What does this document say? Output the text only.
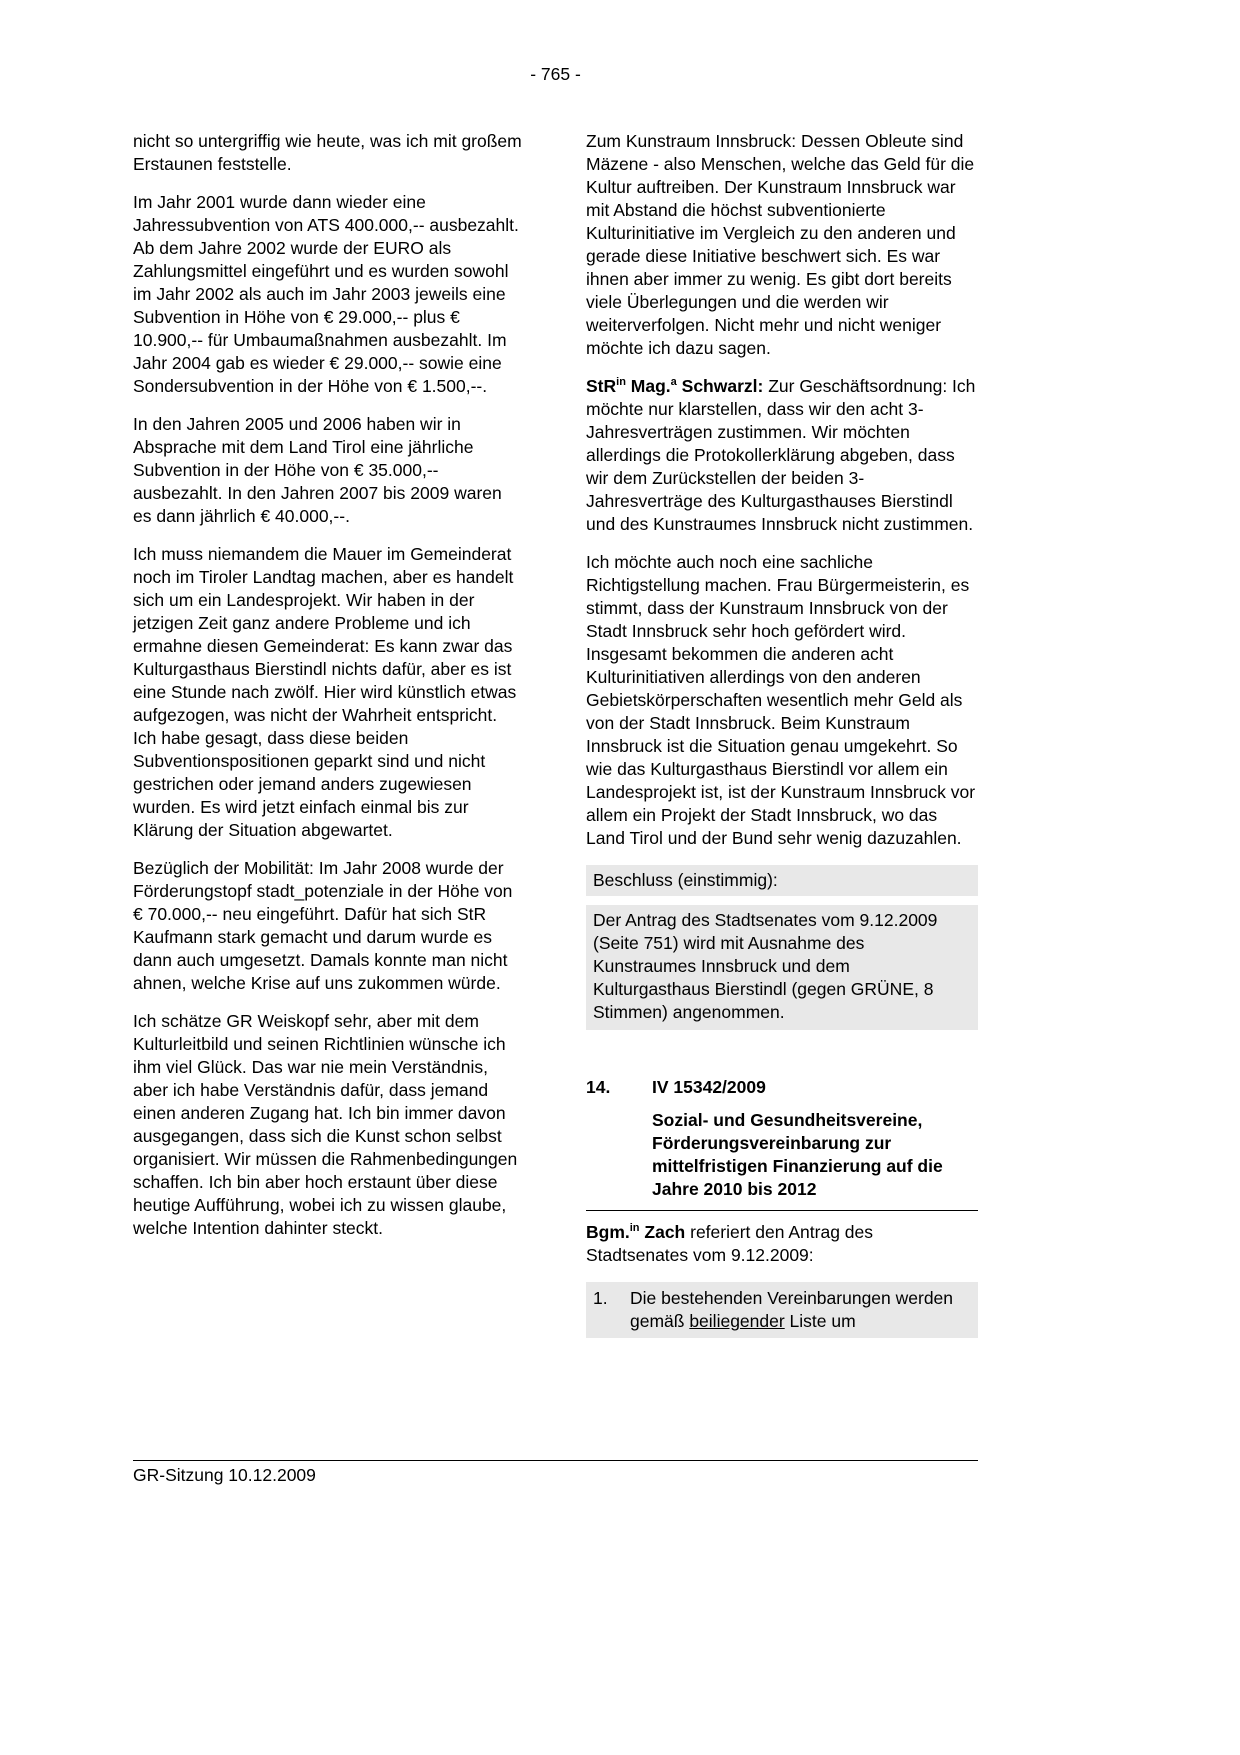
- 765 -

nicht so untergriffig wie heute, was ich mit großem Erstaunen feststelle.

Im Jahr 2001 wurde dann wieder eine Jahressubvention von ATS 400.000,-- ausbezahlt. Ab dem Jahre 2002 wurde der EURO als Zahlungsmittel eingeführt und es wurden sowohl im Jahr 2002 als auch im Jahr 2003 jeweils eine Subvention in Höhe von € 29.000,-- plus € 10.900,-- für Umbaumaßnahmen ausbezahlt. Im Jahr 2004 gab es wieder € 29.000,-- sowie eine Sondersubvention in der Höhe von € 1.500,--.

In den Jahren 2005 und 2006 haben wir in Absprache mit dem Land Tirol eine jährliche Subvention in der Höhe von € 35.000,-- ausbezahlt. In den Jahren 2007 bis 2009 waren es dann jährlich € 40.000,--.

Ich muss niemandem die Mauer im Gemeinderat noch im Tiroler Landtag machen, aber es handelt sich um ein Landesprojekt. Wir haben in der jetzigen Zeit ganz andere Probleme und ich ermahne diesen Gemeinderat: Es kann zwar das Kulturgasthaus Bierstindl nichts dafür, aber es ist eine Stunde nach zwölf. Hier wird künstlich etwas aufgezogen, was nicht der Wahrheit entspricht. Ich habe gesagt, dass diese beiden Subventionspositionen geparkt sind und nicht gestrichen oder jemand anders zugewiesen wurden. Es wird jetzt einfach einmal bis zur Klärung der Situation abgewartet.

Bezüglich der Mobilität: Im Jahr 2008 wurde der Förderungstopf stadt_potenziale in der Höhe von € 70.000,-- neu eingeführt. Dafür hat sich StR Kaufmann stark gemacht und darum wurde es dann auch umgesetzt. Damals konnte man nicht ahnen, welche Krise auf uns zukommen würde.

Ich schätze GR Weiskopf sehr, aber mit dem Kulturleitbild und seinen Richtlinien wünsche ich ihm viel Glück. Das war nie mein Verständnis, aber ich habe Verständnis dafür, dass jemand einen anderen Zugang hat. Ich bin immer davon ausgegangen, dass sich die Kunst schon selbst organisiert. Wir müssen die Rahmenbedingungen schaffen. Ich bin aber hoch erstaunt über diese heutige Aufführung, wobei ich zu wissen glaube, welche Intention dahinter steckt.

Zum Kunstraum Innsbruck: Dessen Obleute sind Mäzene - also Menschen, welche das Geld für die Kultur auftreiben. Der Kunstraum Innsbruck war mit Abstand die höchst subventionierte Kulturinitiative im Vergleich zu den anderen und gerade diese Initiative beschwert sich. Es war ihnen aber immer zu wenig. Es gibt dort bereits viele Überlegungen und die werden wir weiterverfolgen. Nicht mehr und nicht weniger möchte ich dazu sagen.

StR$^{in}$ Mag.$^a$ Schwarzl: Zur Geschäftsordnung: Ich möchte nur klarstellen, dass wir den acht 3-Jahresverträgen zustimmen. Wir möchten allerdings die Protokollerklärung abgeben, dass wir dem Zurückstellen der beiden 3-Jahresverträge des Kulturgasthauses Bierstindl und des Kunstraumes Innsbruck nicht zustimmen.

Ich möchte auch noch eine sachliche Richtigstellung machen. Frau Bürgermeisterin, es stimmt, dass der Kunstraum Innsbruck von der Stadt Innsbruck sehr hoch gefördert wird. Insgesamt bekommen die anderen acht Kulturinitiativen allerdings von den anderen Gebietskörperschaften wesentlich mehr Geld als von der Stadt Innsbruck. Beim Kunstraum Innsbruck ist die Situation genau umgekehrt. So wie das Kulturgasthaus Bierstindl vor allem ein Landesprojekt ist, ist der Kunstraum Innsbruck vor allem ein Projekt der Stadt Innsbruck, wo das Land Tirol und der Bund sehr wenig dazuzahlen.

Beschluss (einstimmig):
Der Antrag des Stadtsenates vom 9.12.2009 (Seite 751) wird mit Ausnahme des Kunstraumes Innsbruck und dem Kulturgasthaus Bierstindl (gegen GRÜNE, 8 Stimmen) angenommen.
14.	IV 15342/2009
Sozial- und Gesundheitsvereine, Förderungsvereinbarung zur mittelfristigen Finanzierung auf die Jahre 2010 bis 2012

Bgm.$^{in}$ Zach referiert den Antrag des Stadtsenates vom 9.12.2009:

1.	Die bestehenden Vereinbarungen werden gemäß beiliegender Liste um
GR-Sitzung 10.12.2009
